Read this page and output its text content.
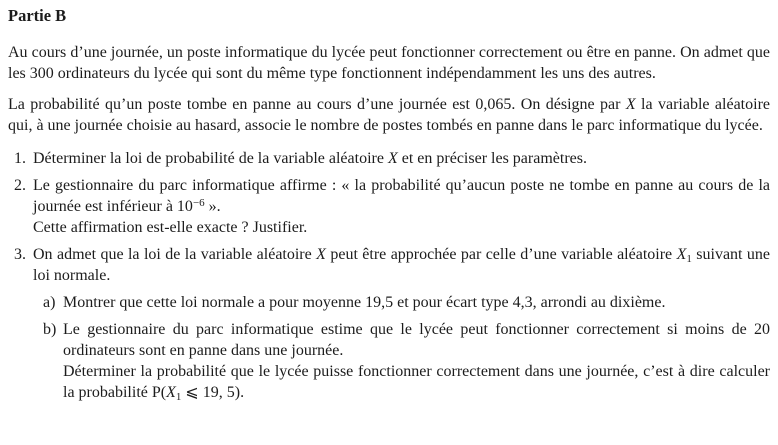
Partie B

Au cours d’une journée, un poste informatique du lycée peut fonctionner correctement ou être en panne. On admet que les 300 ordinateurs du lycée qui sont du même type fonctionnent indépendamment les uns des autres.

La probabilité qu’un poste tombe en panne au cours d’une journée est 0,065. On désigne par X la variable aléatoire qui, à une journée choisie au hasard, associe le nombre de postes tombés en panne dans le parc informatique du lycée.

1. Déterminer la loi de probabilité de la variable aléatoire X et en préciser les paramètres.
2. Le gestionnaire du parc informatique affirme : « la probabilité qu’aucun poste ne tombe en panne au cours de la journée est inférieur à $10^{-6}$ ».
Cette affirmation est-elle exacte ? Justifier.
3. On admet que la loi de la variable aléatoire X peut être approchée par celle d’une variable aléatoire $X_1$ suivant une loi normale.
a) Montrer que cette loi normale a pour moyenne 19,5 et pour écart type 4,3, arrondi au dixième.
b) Le gestionnaire du parc informatique estime que le lycée peut fonctionner correctement si moins de 20 ordinateurs sont en panne dans une journée.
Déterminer la probabilité que le lycée puisse fonctionner correctement dans une journée, c’est à dire calculer la probabilité $P(X_1$ ⩽ 19, 5).
